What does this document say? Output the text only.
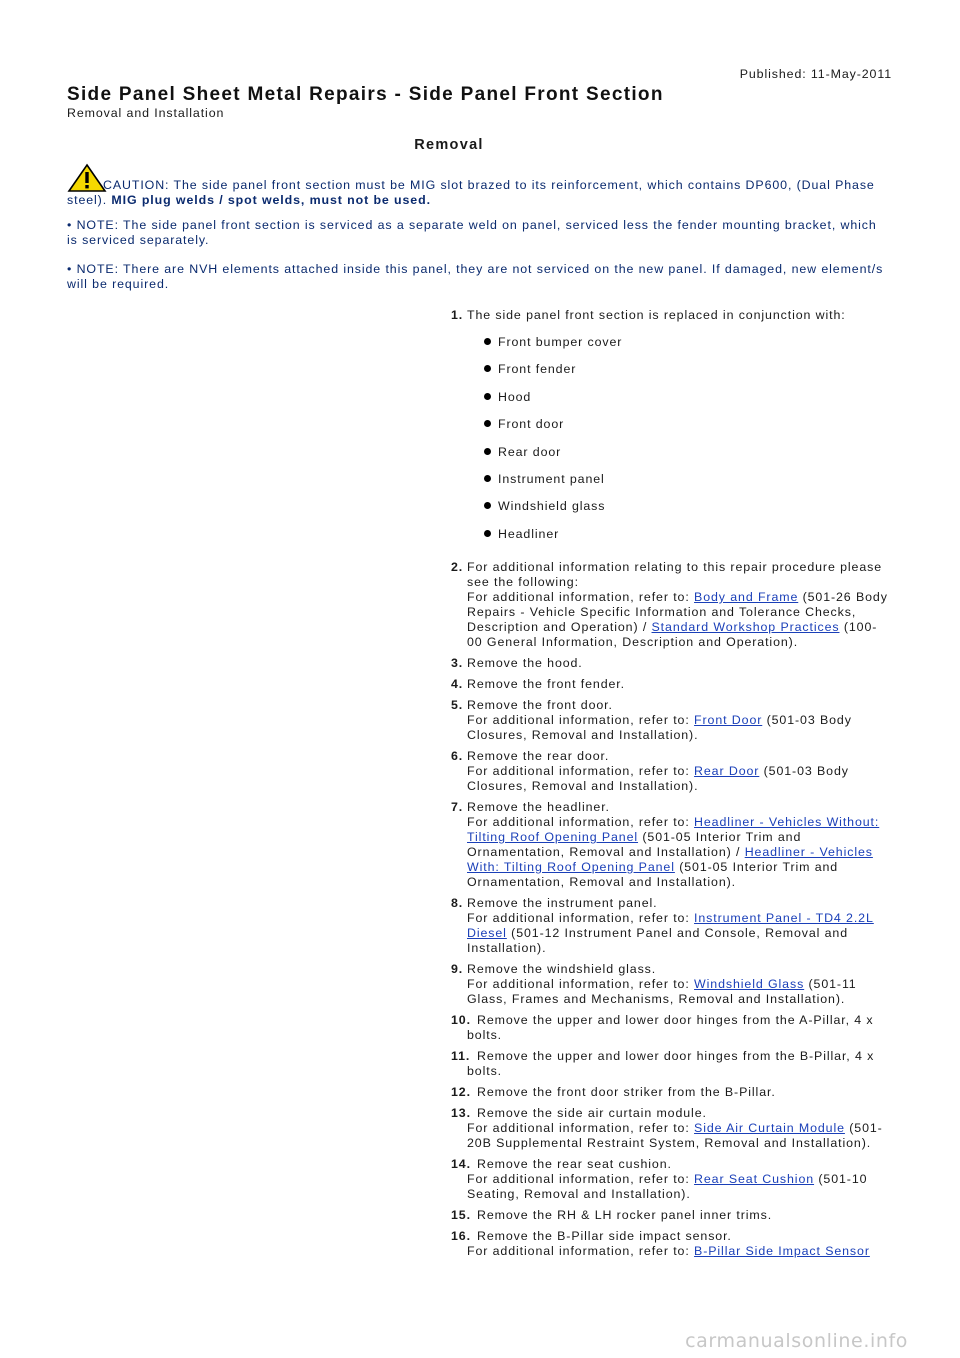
Published: 11-May-2011
Side Panel Sheet Metal Repairs - Side Panel Front Section
Removal and Installation
Removal

CAUTION: The side panel front section must be MIG slot brazed to its reinforcement, which contains DP600, (Dual Phase steel). MIG plug welds / spot welds, must not be used.

• NOTE: The side panel front section is serviced as a separate weld on panel, serviced less the fender mounting bracket, which is serviced separately.

• NOTE: There are NVH elements attached inside this panel, they are not serviced on the new panel. If damaged, new element/s will be required.

1. The side panel front section is replaced in conjunction with:
Front bumper cover
Front fender
Hood
Front door
Rear door
Instrument panel
Windshield glass
Headliner
2. For additional information relating to this repair procedure please see the following:
For additional information, refer to: Body and Frame (501-26 Body Repairs - Vehicle Specific Information and Tolerance Checks, Description and Operation) / Standard Workshop Practices (100-00 General Information, Description and Operation).
3. Remove the hood.
4. Remove the front fender.
5. Remove the front door.
For additional information, refer to: Front Door (501-03 Body Closures, Removal and Installation).
6. Remove the rear door.
For additional information, refer to: Rear Door (501-03 Body Closures, Removal and Installation).
7. Remove the headliner.
For additional information, refer to: Headliner - Vehicles Without: Tilting Roof Opening Panel (501-05 Interior Trim and Ornamentation, Removal and Installation) / Headliner - Vehicles With: Tilting Roof Opening Panel (501-05 Interior Trim and Ornamentation, Removal and Installation).
8. Remove the instrument panel.
For additional information, refer to: Instrument Panel - TD4 2.2L Diesel (501-12 Instrument Panel and Console, Removal and Installation).
9. Remove the windshield glass.
For additional information, refer to: Windshield Glass (501-11 Glass, Frames and Mechanisms, Removal and Installation).
10. Remove the upper and lower door hinges from the A-Pillar, 4 x bolts.
11. Remove the upper and lower door hinges from the B-Pillar, 4 x bolts.
12. Remove the front door striker from the B-Pillar.
13. Remove the side air curtain module.
For additional information, refer to: Side Air Curtain Module (501-20B Supplemental Restraint System, Removal and Installation).
14. Remove the rear seat cushion.
For additional information, refer to: Rear Seat Cushion (501-10 Seating, Removal and Installation).
15. Remove the RH & LH rocker panel inner trims.
16. Remove the B-Pillar side impact sensor.
For additional information, refer to: B-Pillar Side Impact Sensor
carmanualsonline.info
